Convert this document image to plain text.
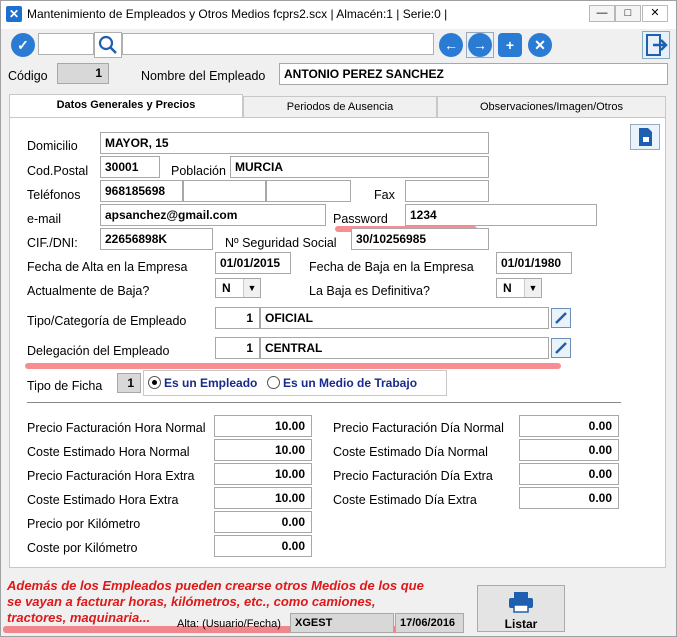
✕ Mantenimiento de Empleados y Otros Medios fcprs2.scx | Almacén:1 | Serie:0 |	—	□	✕
✓	←	→	+	✕
Código	1	Nombre del Empleado	ANTONIO PEREZ SANCHEZ
Datos Generales y Precios	Periodos de Ausencia	Observaciones/Imagen/Otros
Domicilio	MAYOR, 15
Cod.Postal	30001	Población MURCIA
Teléfonos	968185698	Fax
e-mail	apsanchez@gmail.com	Password	1234
CIF./DNI:	22656898K	Nº Seguridad Social	30/10256985
Fecha de Alta en la Empresa	01/01/2015	Fecha de Baja en la Empresa	01/01/1980
Actualmente de Baja?	N	▼	La Baja es Definitiva?	N	▼
Tipo/Categoría de Empleado	1	OFICIAL
Delegación del Empleado	1	CENTRAL
Tipo de Ficha	1	Es un Empleado Es un Medio de Trabajo
Precio Facturación Hora Normal	10.00
Coste Estimado Hora Normal	10.00
Precio Facturación Hora Extra	10.00
Coste Estimado Hora Extra	10.00
Precio por Kilómetro	0.00
Coste por Kilómetro	0.00
Precio Facturación Día Normal	0.00
Coste Estimado Día Normal	0.00
Precio Facturación Día Extra	0.00
Coste Estimado Día Extra	0.00
Además de los Empleados pueden crearse otros Medios de los que se vayan a facturar horas, kilómetros, etc., como camiones, tractores, maquinaria...	Alta: (Usuario/Fecha)	XGEST	17/06/2016	Listar
